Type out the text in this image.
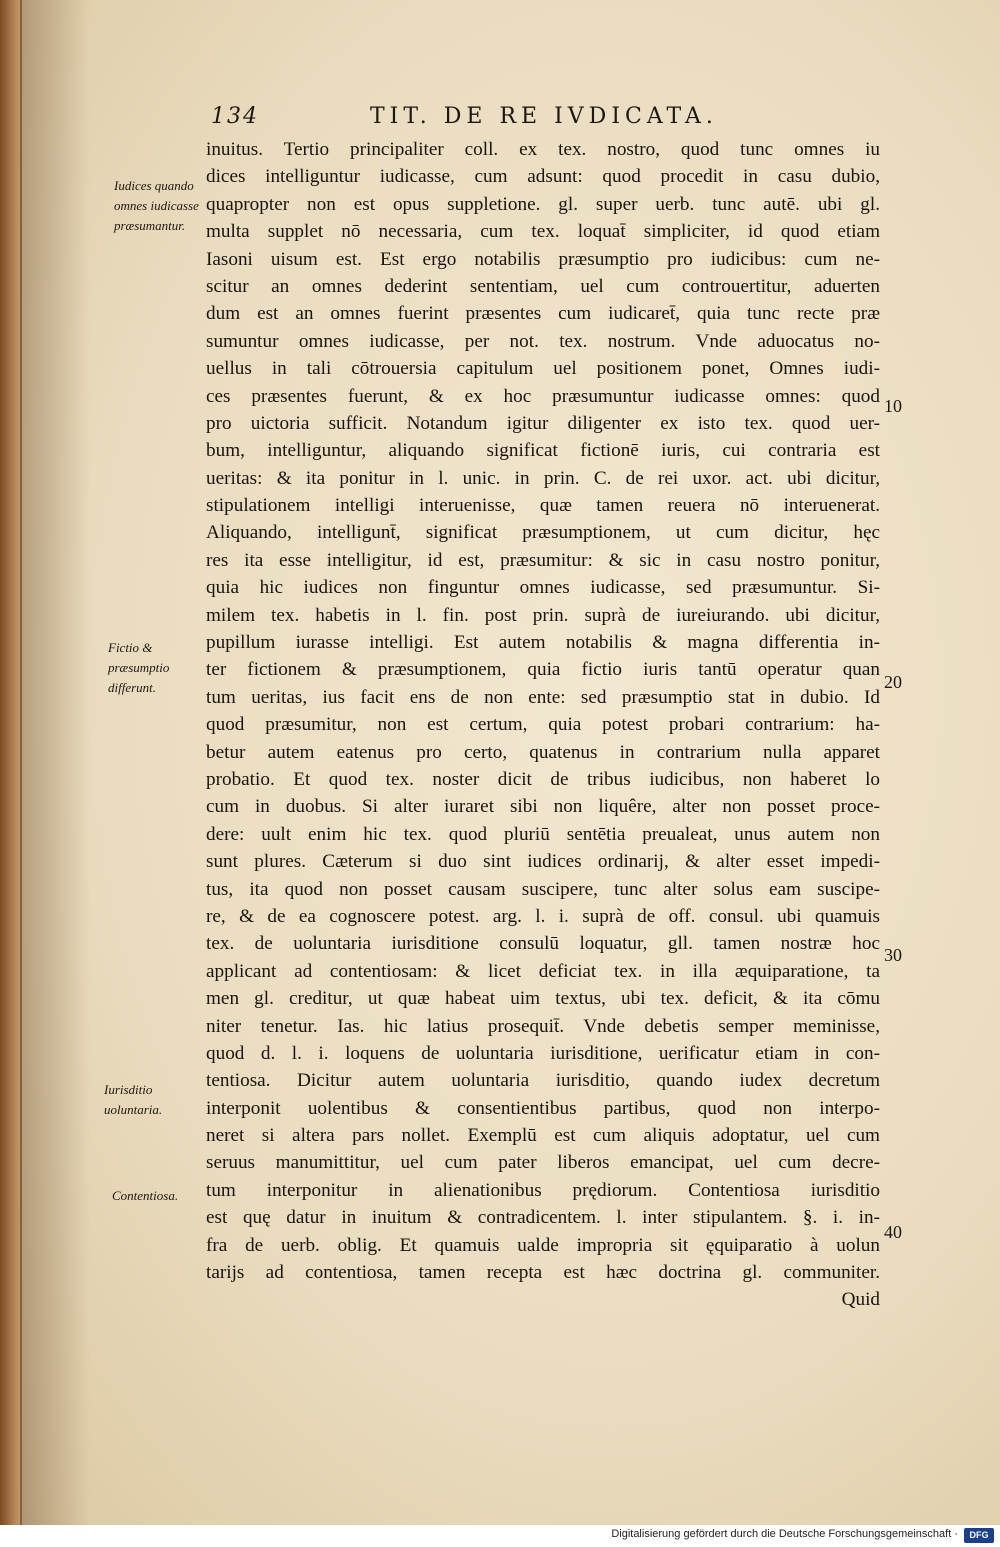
134	TIT. DE RE IVDICATA.
inuitus. Tertio principaliter coll. ex tex. nostro, quod tunc omnes iu
dices intelliguntur iudicasse, cum adsunt: quod procedit in casu dubio,
quapropter non est opus suppletione. gl. super uerb. tunc autē. ubi gl.
multa supplet nō necessaria, cum tex. loquat̄ simpliciter, id quod etiam
Iasoni uisum est. Est ergo notabilis præsumptio pro iudicibus: cum ne-
scitur an omnes dederint sententiam, uel cum controuertitur, aduerten
dum est an omnes fuerint præsentes cum iudicaret̄, quia tunc recte præ
sumuntur omnes iudicasse, per not. tex. nostrum. Vnde aduocatus no-
uellus in tali cōtrouersia capitulum uel positionem ponet, Omnes iudi-
ces præsentes fuerunt, & ex hoc præsumuntur iudicasse omnes: quod
pro uictoria sufficit. Notandum igitur diligenter ex isto tex. quod uer-
bum, intelliguntur, aliquando significat fictionē iuris, cui contraria est
ueritas: & ita ponitur in l. unic. in prin. C. de rei uxor. act. ubi dicitur,
stipulationem intelligi interuenisse, quæ tamen reuera nō interuenerat.
Aliquando, intelligunt̄, significat præsumptionem, ut cum dicitur, hęc
res ita esse intelligitur, id est, præsumitur: & sic in casu nostro ponitur,
quia hic iudices non finguntur omnes iudicasse, sed præsumuntur. Si-
milem tex. habetis in l. fin. post prin. suprà de iureiurando. ubi dicitur,
pupillum iurasse intelligi. Est autem notabilis & magna differentia in-
ter fictionem & præsumptionem, quia fictio iuris tantū operatur quan
tum ueritas, ius facit ens de non ente: sed præsumptio stat in dubio. Id
quod præsumitur, non est certum, quia potest probari contrarium: ha-
betur autem eatenus pro certo, quatenus in contrarium nulla apparet
probatio. Et quod tex. noster dicit de tribus iudicibus, non haberet lo
cum in duobus. Si alter iuraret sibi non liquêre, alter non posset proce-
dere: uult enim hic tex. quod pluriū sentētia preualeat, unus autem non
sunt plures. Cæterum si duo sint iudices ordinarij, & alter esset impedi-
tus, ita quod non posset causam suscipere, tunc alter solus eam suscipe-
re, & de ea cognoscere potest. arg. l. i. suprà de off. consul. ubi quamuis
tex. de uoluntaria iurisditione consulū loquatur, gll. tamen nostræ hoc
applicant ad contentiosam: & licet deficiat tex. in illa æquiparatione, ta
men gl. creditur, ut quæ habeat uim textus, ubi tex. deficit, & ita cōmu
niter tenetur. Ias. hic latius prosequit̄. Vnde debetis semper meminisse,
quod d. l. i. loquens de uoluntaria iurisditione, uerificatur etiam in con-
tentiosa. Dicitur autem uoluntaria iurisditio, quando iudex decretum
interponit uolentibus & consentientibus partibus, quod non interpo-
neret si altera pars nollet. Exemplū est cum aliquis adoptatur, uel cum
seruus manumittitur, uel cum pater liberos emancipat, uel cum decre-
tum interponitur in alienationibus prędiorum. Contentiosa iurisditio
est quę datur in inuitum & contradicentem. l. inter stipulantem. §. i. in-
fra de uerb. oblig. Et quamuis ualde impropria sit ęquiparatio à uolun
tarijs ad contentiosa, tamen recepta est hæc doctrina gl. communiter.
Quid
Iudices quando omnes iudicasse præsumantur.
Fictio & præsumptio differunt.
Iurisditio uoluntaria.
Contentiosa.
10
20
30
40
Digitalisierung gefördert durch die Deutsche Forschungsgemeinschaft ·	DFG
